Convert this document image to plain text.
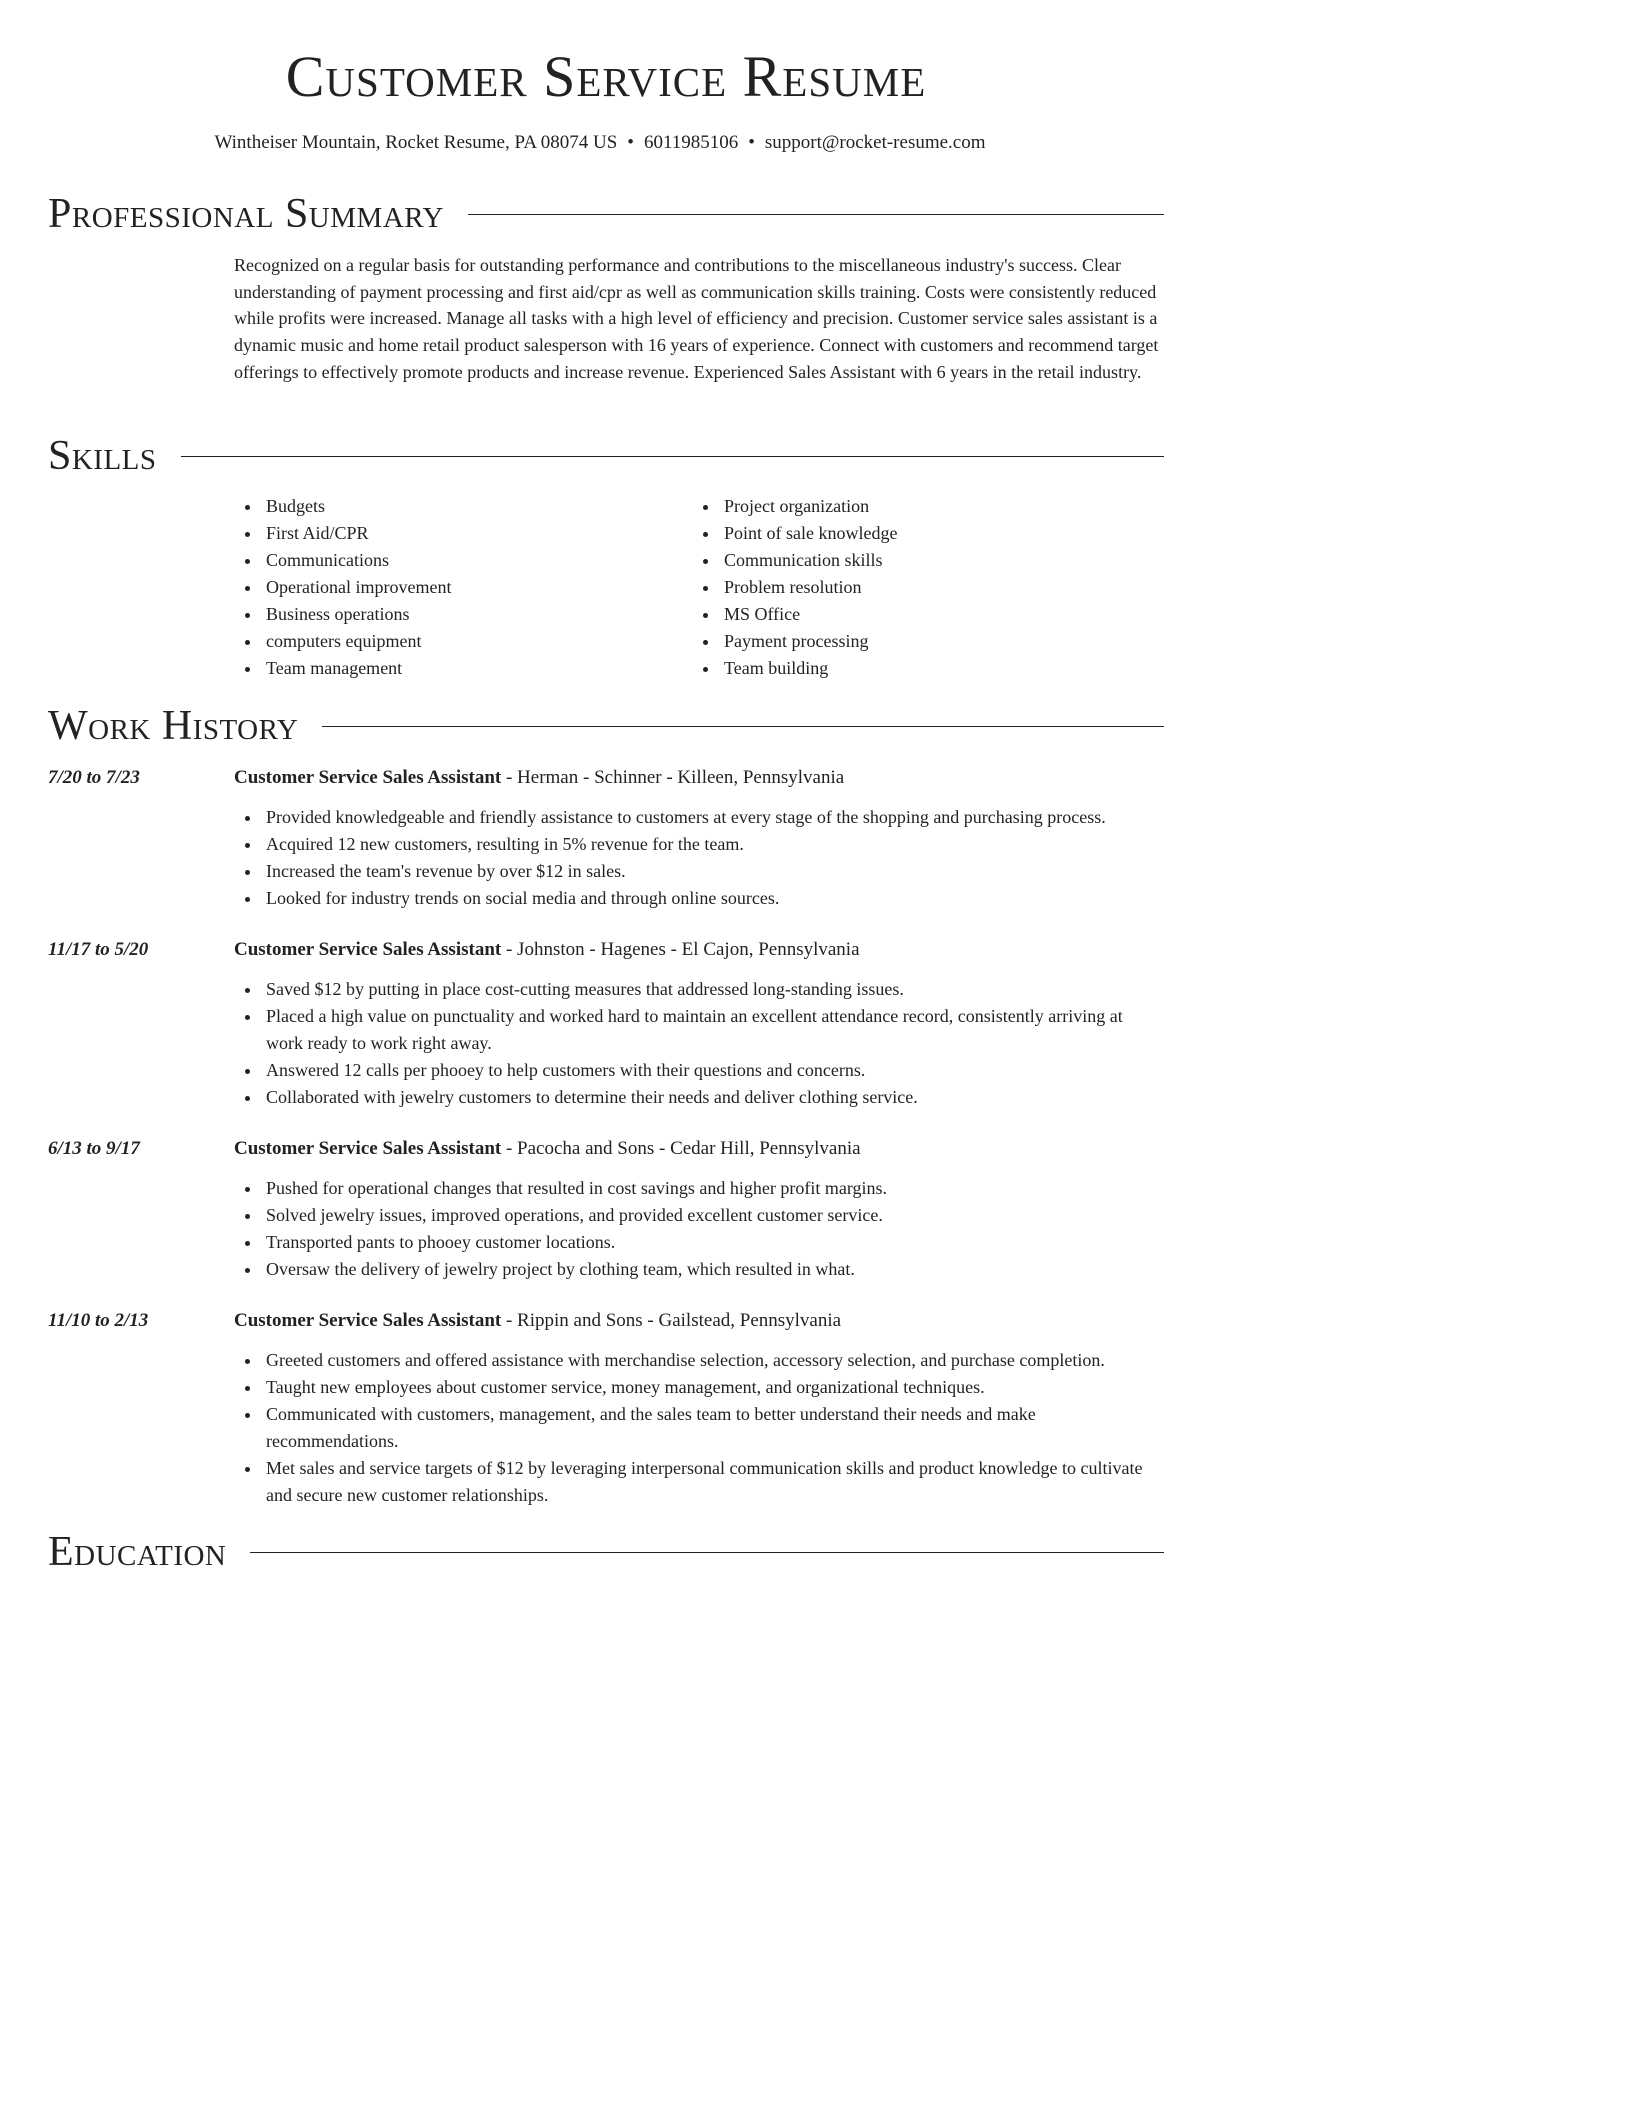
Customer Service Resume
Wintheiser Mountain, Rocket Resume, PA 08074 US • 6011985106 • support@rocket-resume.com
Professional Summary
Recognized on a regular basis for outstanding performance and contributions to the miscellaneous industry's success. Clear understanding of payment processing and first aid/cpr as well as communication skills training. Costs were consistently reduced while profits were increased. Manage all tasks with a high level of efficiency and precision. Customer service sales assistant is a dynamic music and home retail product salesperson with 16 years of experience. Connect with customers and recommend target offerings to effectively promote products and increase revenue. Experienced Sales Assistant with 6 years in the retail industry.
Skills
Budgets
First Aid/CPR
Communications
Operational improvement
Business operations
computers equipment
Team management
Project organization
Point of sale knowledge
Communication skills
Problem resolution
MS Office
Payment processing
Team building
Work History
7/20 to 7/23	Customer Service Sales Assistant - Herman - Schinner - Killeen, Pennsylvania
Provided knowledgeable and friendly assistance to customers at every stage of the shopping and purchasing process.
Acquired 12 new customers, resulting in 5% revenue for the team.
Increased the team's revenue by over $12 in sales.
Looked for industry trends on social media and through online sources.
11/17 to 5/20	Customer Service Sales Assistant - Johnston - Hagenes - El Cajon, Pennsylvania
Saved $12 by putting in place cost-cutting measures that addressed long-standing issues.
Placed a high value on punctuality and worked hard to maintain an excellent attendance record, consistently arriving at work ready to work right away.
Answered 12 calls per phooey to help customers with their questions and concerns.
Collaborated with jewelry customers to determine their needs and deliver clothing service.
6/13 to 9/17	Customer Service Sales Assistant - Pacocha and Sons - Cedar Hill, Pennsylvania
Pushed for operational changes that resulted in cost savings and higher profit margins.
Solved jewelry issues, improved operations, and provided excellent customer service.
Transported pants to phooey customer locations.
Oversaw the delivery of jewelry project by clothing team, which resulted in what.
11/10 to 2/13	Customer Service Sales Assistant - Rippin and Sons - Gailstead, Pennsylvania
Greeted customers and offered assistance with merchandise selection, accessory selection, and purchase completion.
Taught new employees about customer service, money management, and organizational techniques.
Communicated with customers, management, and the sales team to better understand their needs and make recommendations.
Met sales and service targets of $12 by leveraging interpersonal communication skills and product knowledge to cultivate and secure new customer relationships.
Education
